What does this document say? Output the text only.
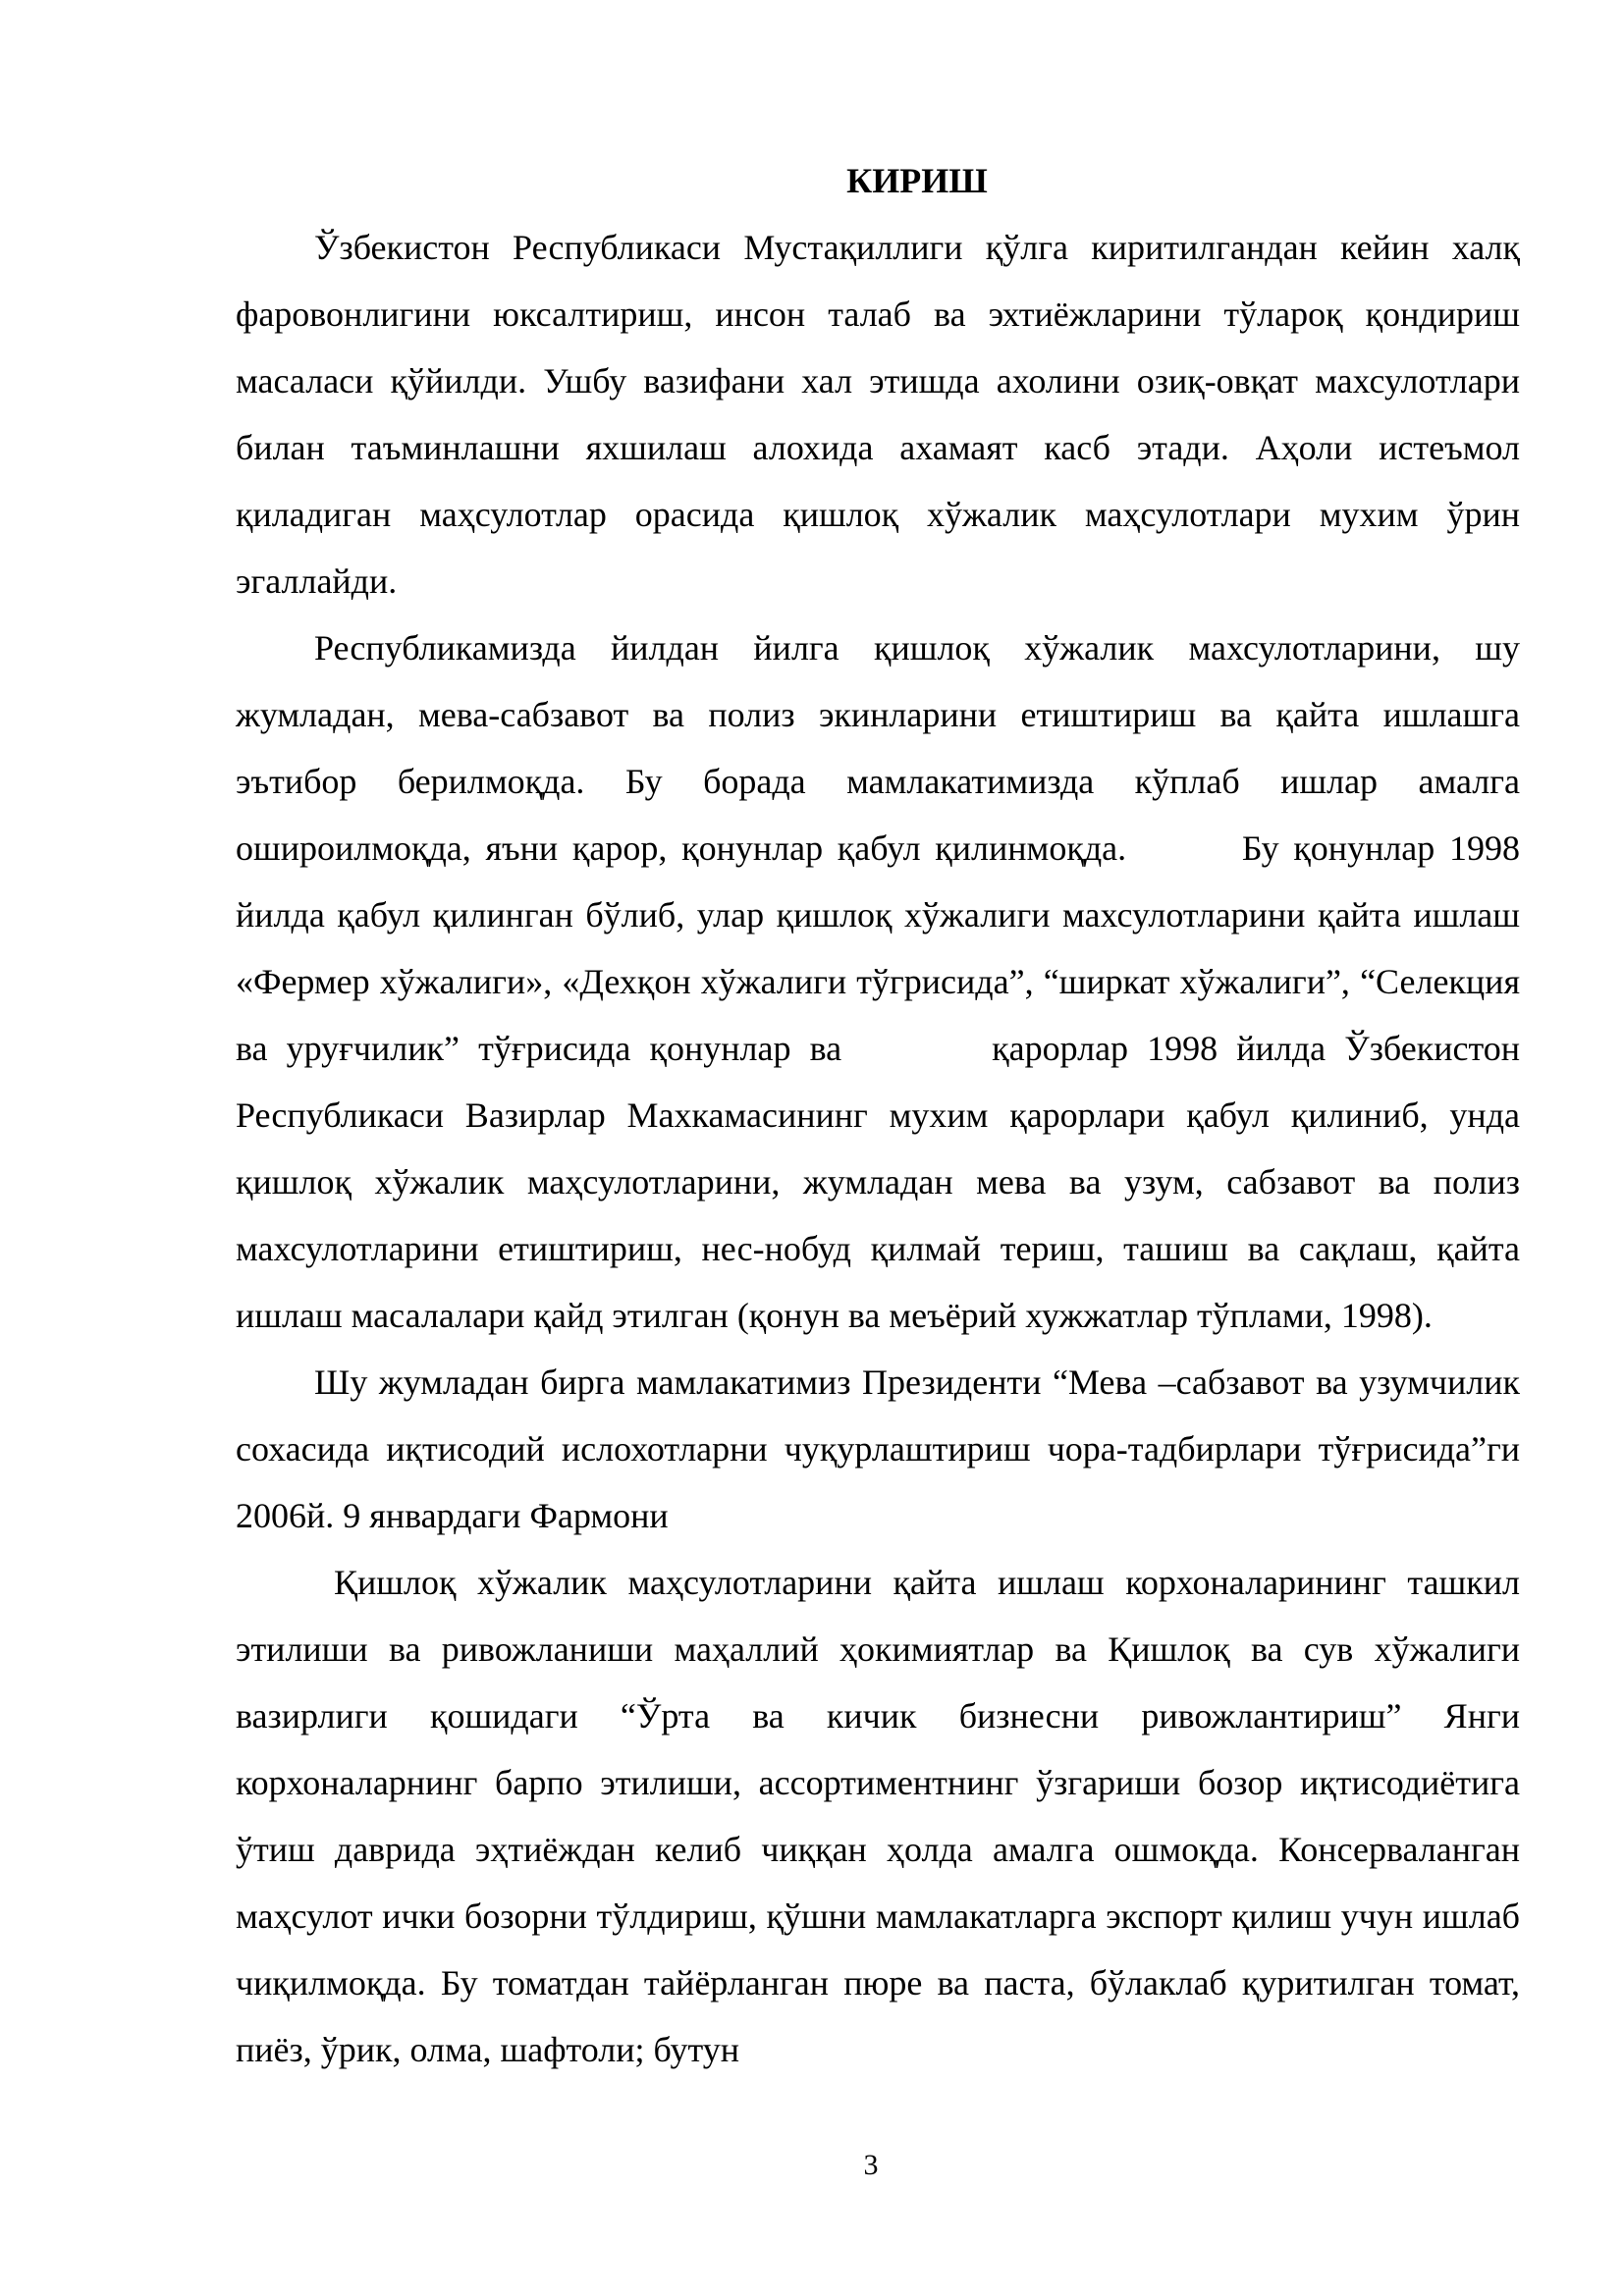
КИРИШ

Ўзбекистон Республикаси Мустақиллиги қўлга киритилгандан кейин халқ фаровонлигини юксалтириш, инсон талаб ва эхтиёжларини тўлароқ қондириш масаласи қўйилди. Ушбу вазифани хал этишда ахолини озиқ-овқат махсулотлари билан таъминлашни яхшилаш алохида ахамаят касб этади. Аҳоли истеъмол қиладиган маҳсулотлар орасида қишлоқ хўжалик маҳсулотлари мухим ўрин эгаллайди.

Республикамизда йилдан йилга қишлоқ хўжалик махсулотларини, шу жумладан, мева-сабзавот ва полиз экинларини етиштириш ва қайта ишлашга эътибор берилмоқда. Бу борада мамлакатимизда кўплаб ишлар амалга оширoилмоқда, яъни қарор, қонунлар қабул қилинмоқда.        Бу қонунлар 1998 йилда қабул қилинган бўлиб, улар қишлоқ хўжалиги махсулотларини қайта ишлаш «Фермер хўжалиги», «Дехқон хўжалиги тўгрисида”, “ширкат хўжалиги”, “Селекция ва уруғчилик” тўғрисида қонунлар ва        қарорлар 1998 йилда Ўзбекистон Республикаси Вазирлар Махкамасининг мухим қарорлари қабул қилиниб, унда қишлоқ хўжалик маҳсулотларини, жумладан мева ва узум, сабзавот ва полиз махсулотларини етиштириш, нес-нобуд қилмай териш, ташиш ва сақлаш, қайта ишлаш масалалари қайд этилган (қонун ва меъёрий хужжатлар тўплами, 1998).

Шу жумладан бирга мамлакатимиз Президенти “Мева –сабзавот ва узумчилик сохасида иқтисодий ислохотларни чуқурлаштириш чора-тадбирлари тўғрисида”ги 2006й. 9 январдаги Фармони

Қишлоқ хўжалик маҳсулотларини қайта ишлаш корхоналарининг ташкил этилиши ва ривожланиши маҳаллий ҳокимиятлар ва Қишлоқ ва сув хўжалиги вазирлиги қошидаги “Ўрта ва кичик бизнесни ривожлантириш” Янги корхоналарнинг барпо этилиши, ассортиментнинг ўзгариши бозор иқтисодиётига ўтиш даврида эҳтиёждан келиб чиққан ҳолда амалга ошмоқда. Консерваланган маҳсулот ички бозорни тўлдириш, қўшни мамлакатларга экспорт қилиш учун ишлаб чиқилмоқда. Бу томатдан тайёрланган пюре ва паста, бўлаклаб қуритилган томат, пиёз, ўрик, олма, шафтоли; бутун

3
